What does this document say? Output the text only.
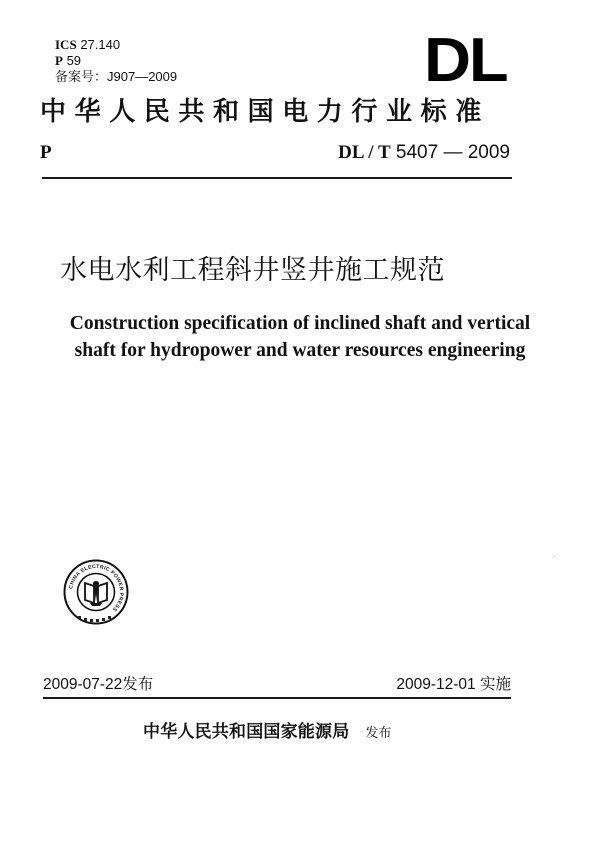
ICS 27.140
P 59
备案号：J907—2009	DL
中华人民共和国电力行业标准
P	DL / T 5407 — 2009
水电水利工程斜井竖井施工规范
Construction specification of inclined shaft and vertical
shaft for hydropower and water resources engineering
CHINA ELECTRIC POWER PRESS
2009-07-22发布	2009-12-01 实施
中华人民共和国国家能源局 发布
